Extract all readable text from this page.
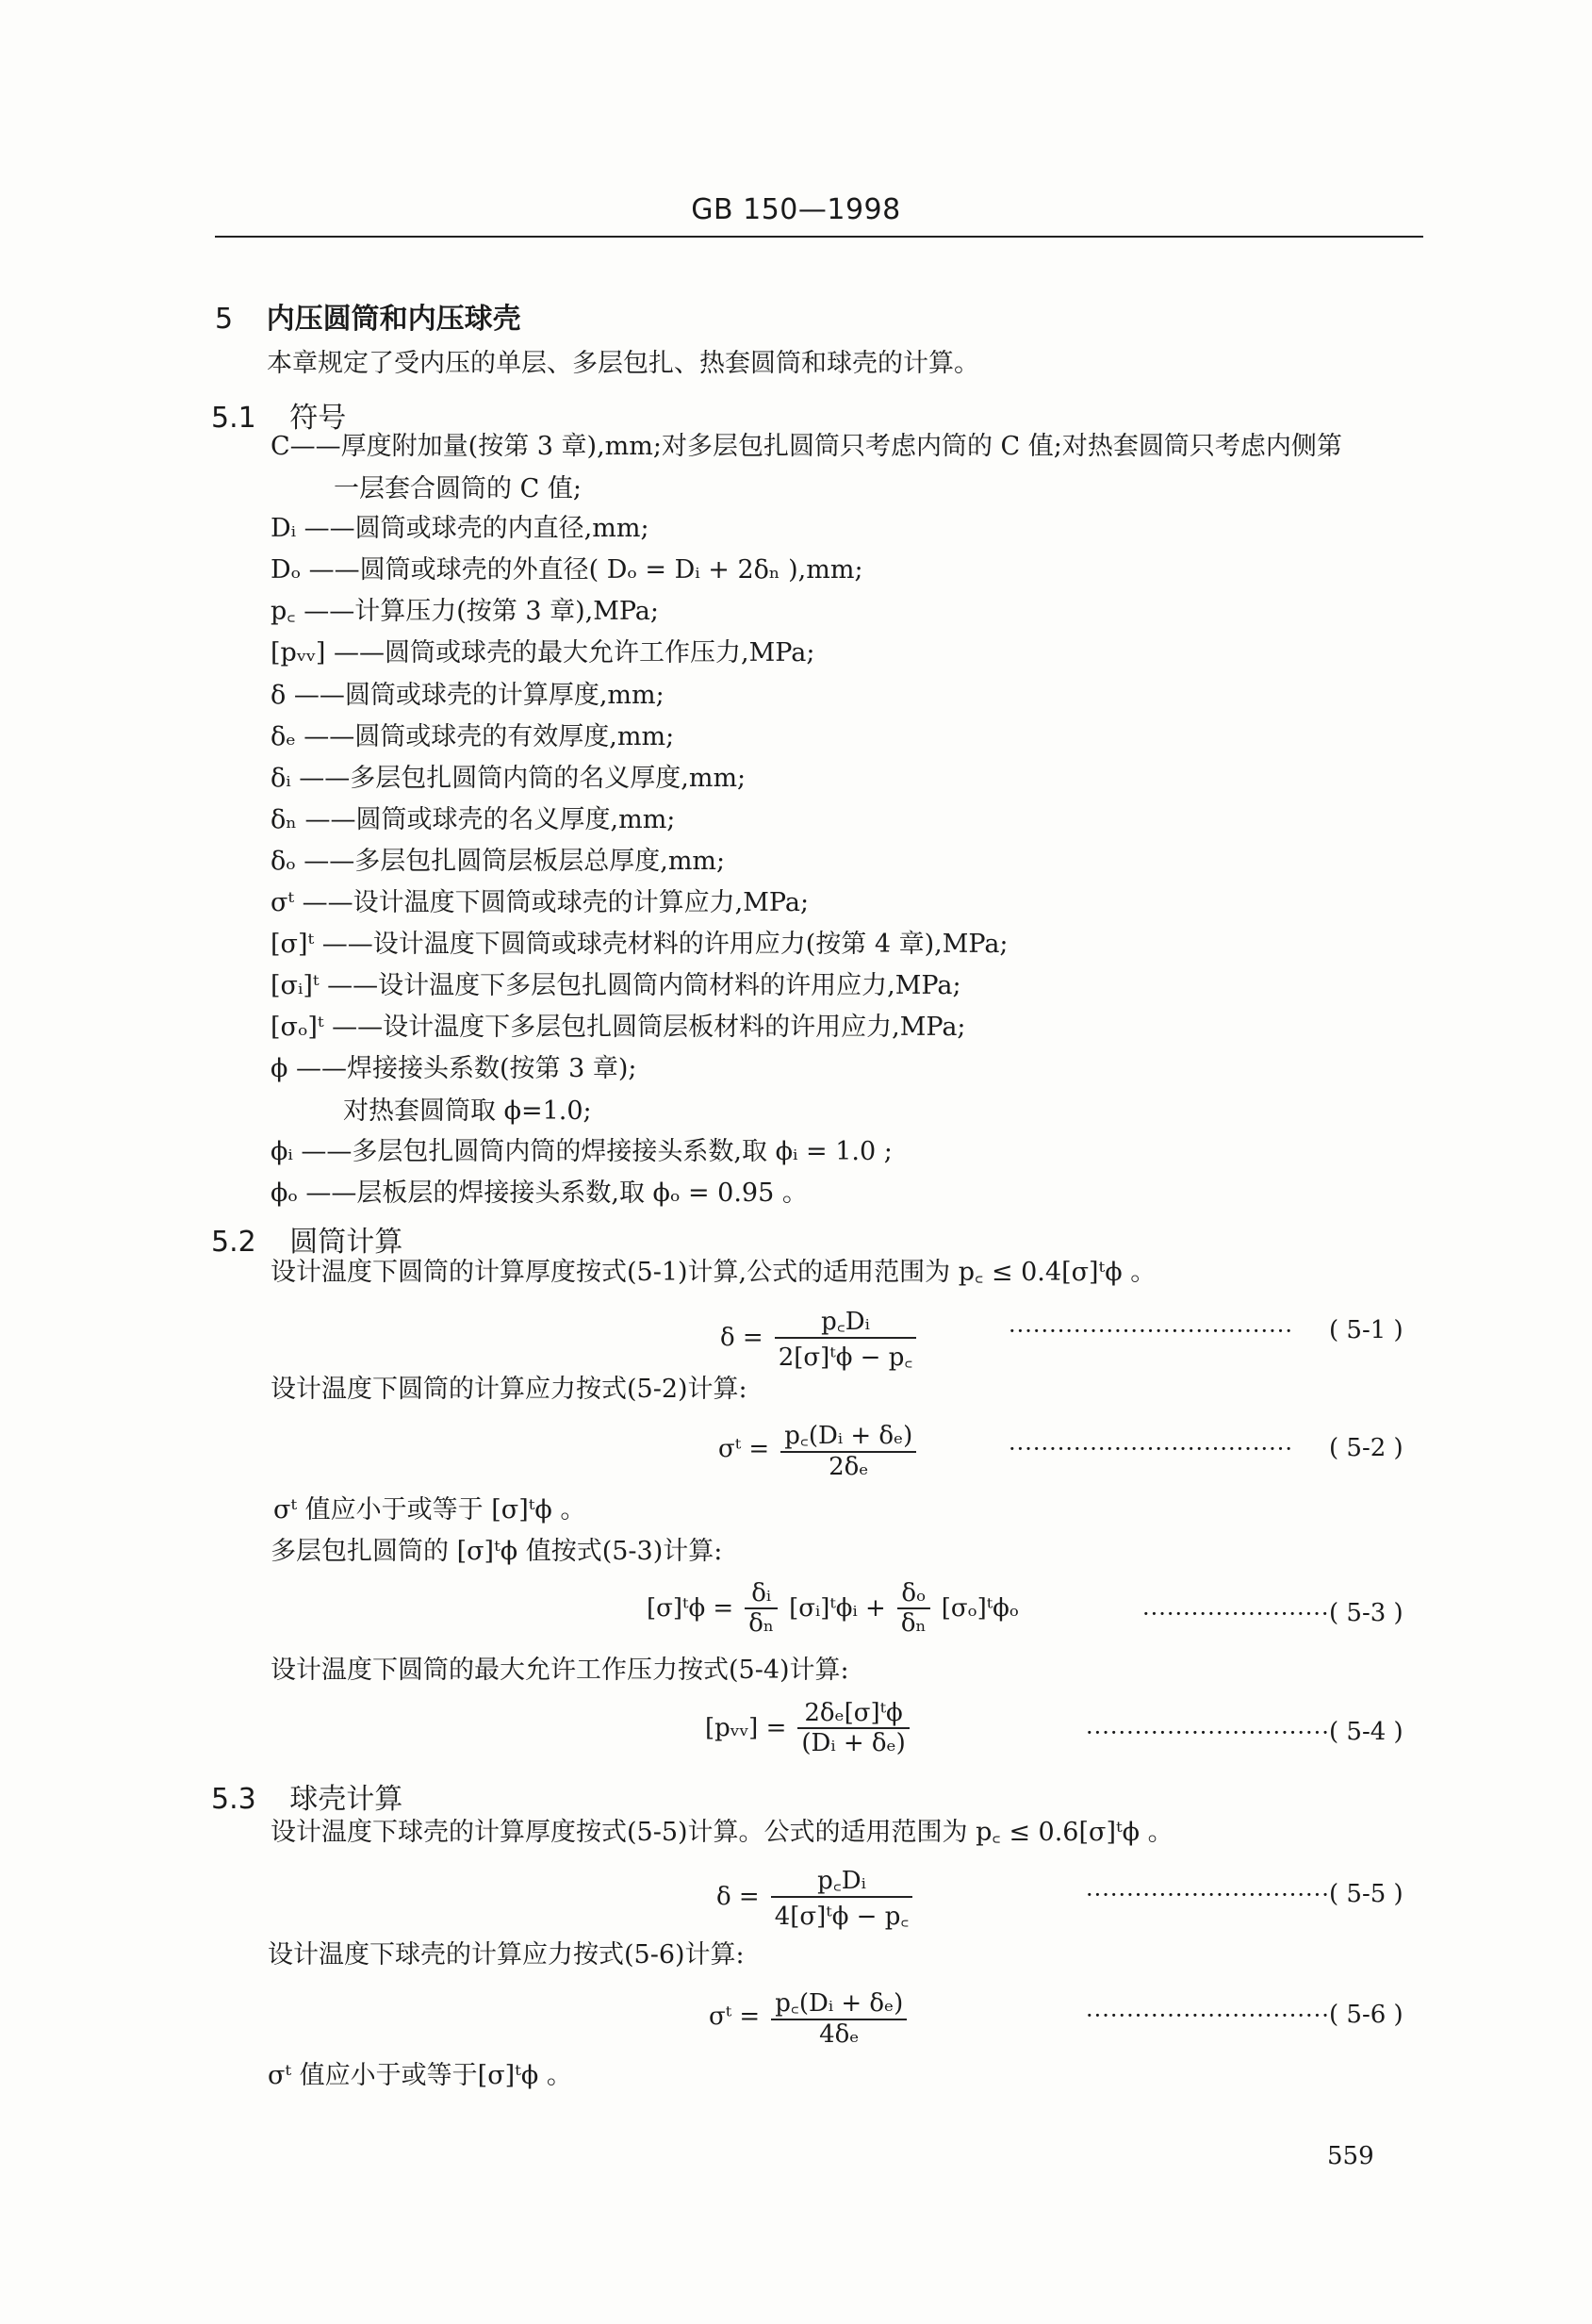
GB 150—1998
5 内压圆筒和内压球壳
本章规定了受内压的单层、多层包扎、热套圆筒和球壳的计算。
5.1 符号
C——厚度附加量(按第 3 章),mm;对多层包扎圆筒只考虑内筒的 C 值;对热套圆筒只考虑内侧第
一层套合圆筒的 C 值;
Dᵢ ——圆筒或球壳的内直径,mm;
Dₒ ——圆筒或球壳的外直径( Dₒ = Dᵢ + 2δₙ ),mm;
p꜀ ——计算压力(按第 3 章),MPa;
[pᵥᵥ] ——圆筒或球壳的最大允许工作压力,MPa;
δ ——圆筒或球壳的计算厚度,mm;
δₑ ——圆筒或球壳的有效厚度,mm;
δᵢ ——多层包扎圆筒内筒的名义厚度,mm;
δₙ ——圆筒或球壳的名义厚度,mm;
δₒ ——多层包扎圆筒层板层总厚度,mm;
σᵗ ——设计温度下圆筒或球壳的计算应力,MPa;
[σ]ᵗ ——设计温度下圆筒或球壳材料的许用应力(按第 4 章),MPa;
[σᵢ]ᵗ ——设计温度下多层包扎圆筒内筒材料的许用应力,MPa;
[σₒ]ᵗ ——设计温度下多层包扎圆筒层板材料的许用应力,MPa;
ϕ ——焊接接头系数(按第 3 章);
对热套圆筒取 ϕ=1.0;
ϕᵢ ——多层包扎圆筒内筒的焊接接头系数,取 ϕᵢ = 1.0 ;
ϕₒ ——层板层的焊接接头系数,取 ϕₒ = 0.95 。
5.2 圆筒计算
设计温度下圆筒的计算厚度按式(5-1)计算,公式的适用范围为 p꜀ ≤ 0.4[σ]ᵗϕ 。
$\delta = \frac{\text{p꜀Dᵢ}}{\text{2[σ]ᵗϕ − p꜀}}$	··································· ( 5-1 )
设计温度下圆筒的计算应力按式(5-2)计算:
σᵗ = $\frac{\text{p꜀(Dᵢ + δₑ)}}{\text{2δₑ}}$	··································· ( 5-2 )
σᵗ 值应小于或等于 [σ]ᵗϕ 。
多层包扎圆筒的 [σ]ᵗϕ 值按式(5-3)计算:
[σ]ᵗϕ = $\frac{\text{δᵢ}}{\text{δₙ}}$ [σᵢ]ᵗϕᵢ + $\frac{\text{δₒ}}{\text{δₙ}}$ [σₒ]ᵗϕₒ	······················· ( 5-3 )
设计温度下圆筒的最大允许工作压力按式(5-4)计算:
[pᵥᵥ] = $\frac{\text{2δₑ[σ]ᵗϕ}}{\text{(Dᵢ + δₑ)}}$	······························ ( 5-4 )
5.3 球壳计算
设计温度下球壳的计算厚度按式(5-5)计算。公式的适用范围为 p꜀ ≤ 0.6[σ]ᵗϕ 。
$\delta = \frac{\text{p꜀Dᵢ}}{\text{4[σ]ᵗϕ − p꜀}}$	······························ ( 5-5 )
设计温度下球壳的计算应力按式(5-6)计算:
σᵗ = $\frac{\text{p꜀(Dᵢ + δₑ)}}{\text{4δₑ}}$	······························ ( 5-6 )
σᵗ 值应小于或等于[σ]ᵗϕ 。
559
